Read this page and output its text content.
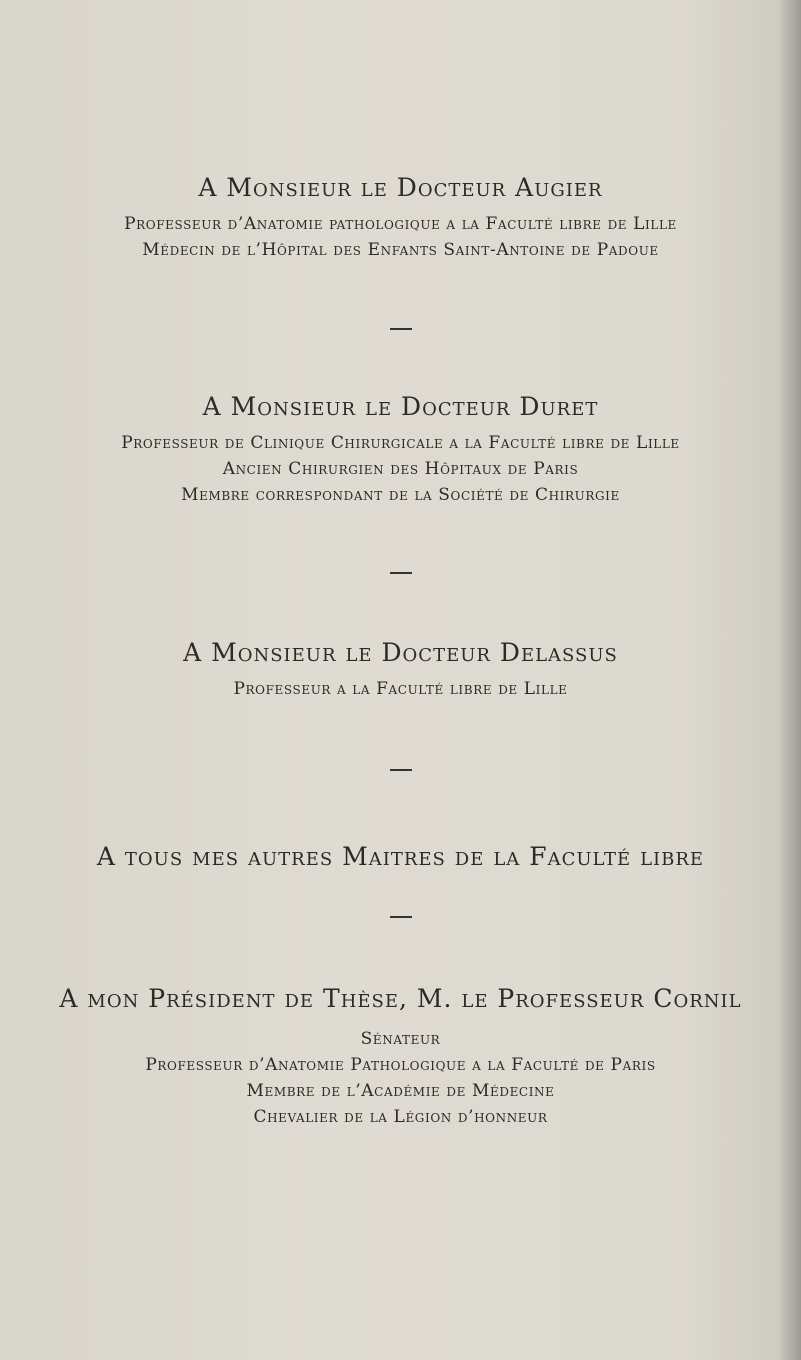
A Monsieur le Docteur Augier

Professeur d’Anatomie pathologique a la Faculté libre de Lille

Médecin de l’Hôpital des Enfants Saint-Antoine de Padoue

A Monsieur le Docteur Duret

Professeur de Clinique Chirurgicale a la Faculté libre de Lille

Ancien Chirurgien des Hôpitaux de Paris

Membre correspondant de la Société de Chirurgie

A Monsieur le Docteur Delassus

Professeur a la Faculté libre de Lille

A tous mes autres Maitres de la Faculté libre
A mon Président de Thèse, M. le Professeur Cornil

Sénateur

Professeur d’Anatomie Pathologique a la Faculté de Paris

Membre de l’Académie de Médecine

Chevalier de la Légion d’honneur
